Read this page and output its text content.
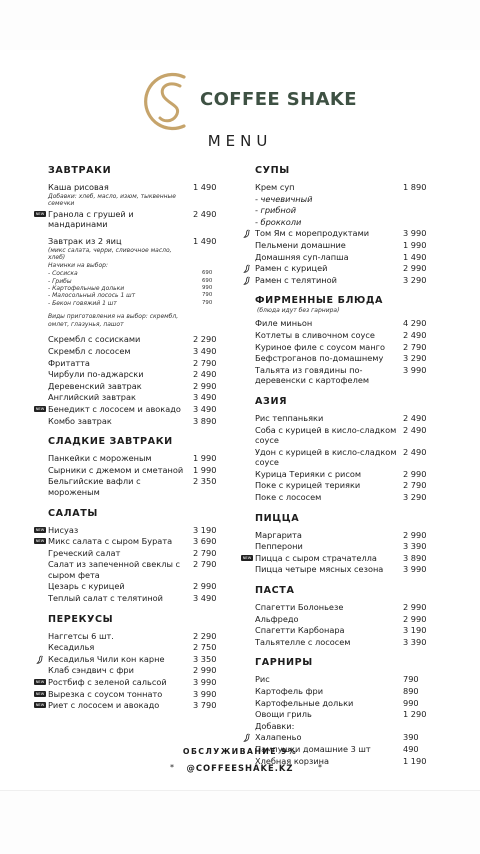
COFFEE SHAKE
MENU
ЗАВТРАКИ
Каша рисовая	1 490
Добавки: хлеб, масло, изюм, тыквенные семечки
NEW Гранола с грушей и мандаринами
2 490
Завтрак из 2 яиц	1 490
(микс салата, черри, сливочное масло, хлеб)
Начинки на выбор:
- Сосиска	690
- Грибы	690
- Картофельные дольки	990
- Малосольный лосось 1 шт	790
- Бекон говяжий 1 шт	790
Виды приготовления на выбор: скрембл, омлет, глазунья, пашот
Скрембл с сосисками	2 290
Скрембл с лососем	3 490
Фритатта	2 790
Чирбули по-аджарски	2 490
Деревенский завтрак	2 990
Английский завтрак	3 490
NEW Бенедикт с лососем и авокадо	3 490
Комбо завтрак	3 890
СЛАДКИЕ ЗАВТРАКИ
Панкейки с мороженым	1 990
Сырники с джемом и сметаной	1 990
Бельгийские вафли с мороженым
2 350
САЛАТЫ
NEW Нисуаз	3 190
NEW Микс салата с сыром Бурата	3 690
Греческий салат	2 790
Салат из запеченной свеклы с сыром фета
2 790
Цезарь с курицей	2 990
Теплый салат с телятиной	3 490
ПЕРЕКУСЫ
Наггетсы 6 шт.	2 290
Кесадилья	2 750
Кесадилья Чили кон карне	3 350
Клаб сэндвич с фри	2 990
NEW Ростбиф с зеленой сальсой	3 990
NEW Вырезка с соусом тоннато	3 990
NEW Риет с лососем и авокадо	3 790
СУПЫ
Крем суп	1 890
- чечевичный
- грибной
- брокколи
Том Ям с морепродуктами	3 990
Пельмени домашние	1 990
Домашняя суп-лапша	1 490
Рамен с курицей	2 990
Рамен с телятиной	3 290
ФИРМЕННЫЕ БЛЮДА
(блюда идут без гарнира)
Филе миньон	4 290
Котлеты в сливочном соусе	2 490
Куриное филе с соусом манго	2 790
Бефстроганов по-домашнему	3 290
Тальятa из говядины по-деревенски с картофелем
3 990
АЗИЯ
Рис теппаньяки	2 490
Соба с курицей в кисло-сладком соусе
2 490
Удон с курицей в кисло-сладком соусе
2 490
Курица Терияки с рисом	2 990
Поке с курицей терияки	2 790
Поке с лососем	3 290
ПИЦЦА
Маргарита	2 990
Пепперони	3 390
NEW Пицца с сыром страчателла	3 890
Пицца четыре мясных сезона	3 990
ПАСТА
Спагетти Болоньезе	2 990
Альфредо	2 990
Спагетти Карбонара	3 190
Тальятелле с лососем	3 390
ГАРНИРЫ
Рис	790
Картофель фри	890
Картофельные дольки	990
Овощи гриль	1 290
Добавки:
Халапеньо	390
Пампушки домашние 3 шт	490
Хлебная корзина	1 190
ОБСЛУЖИВАНИЕ 9%
*	@COFFEESHAKE.KZ	*
